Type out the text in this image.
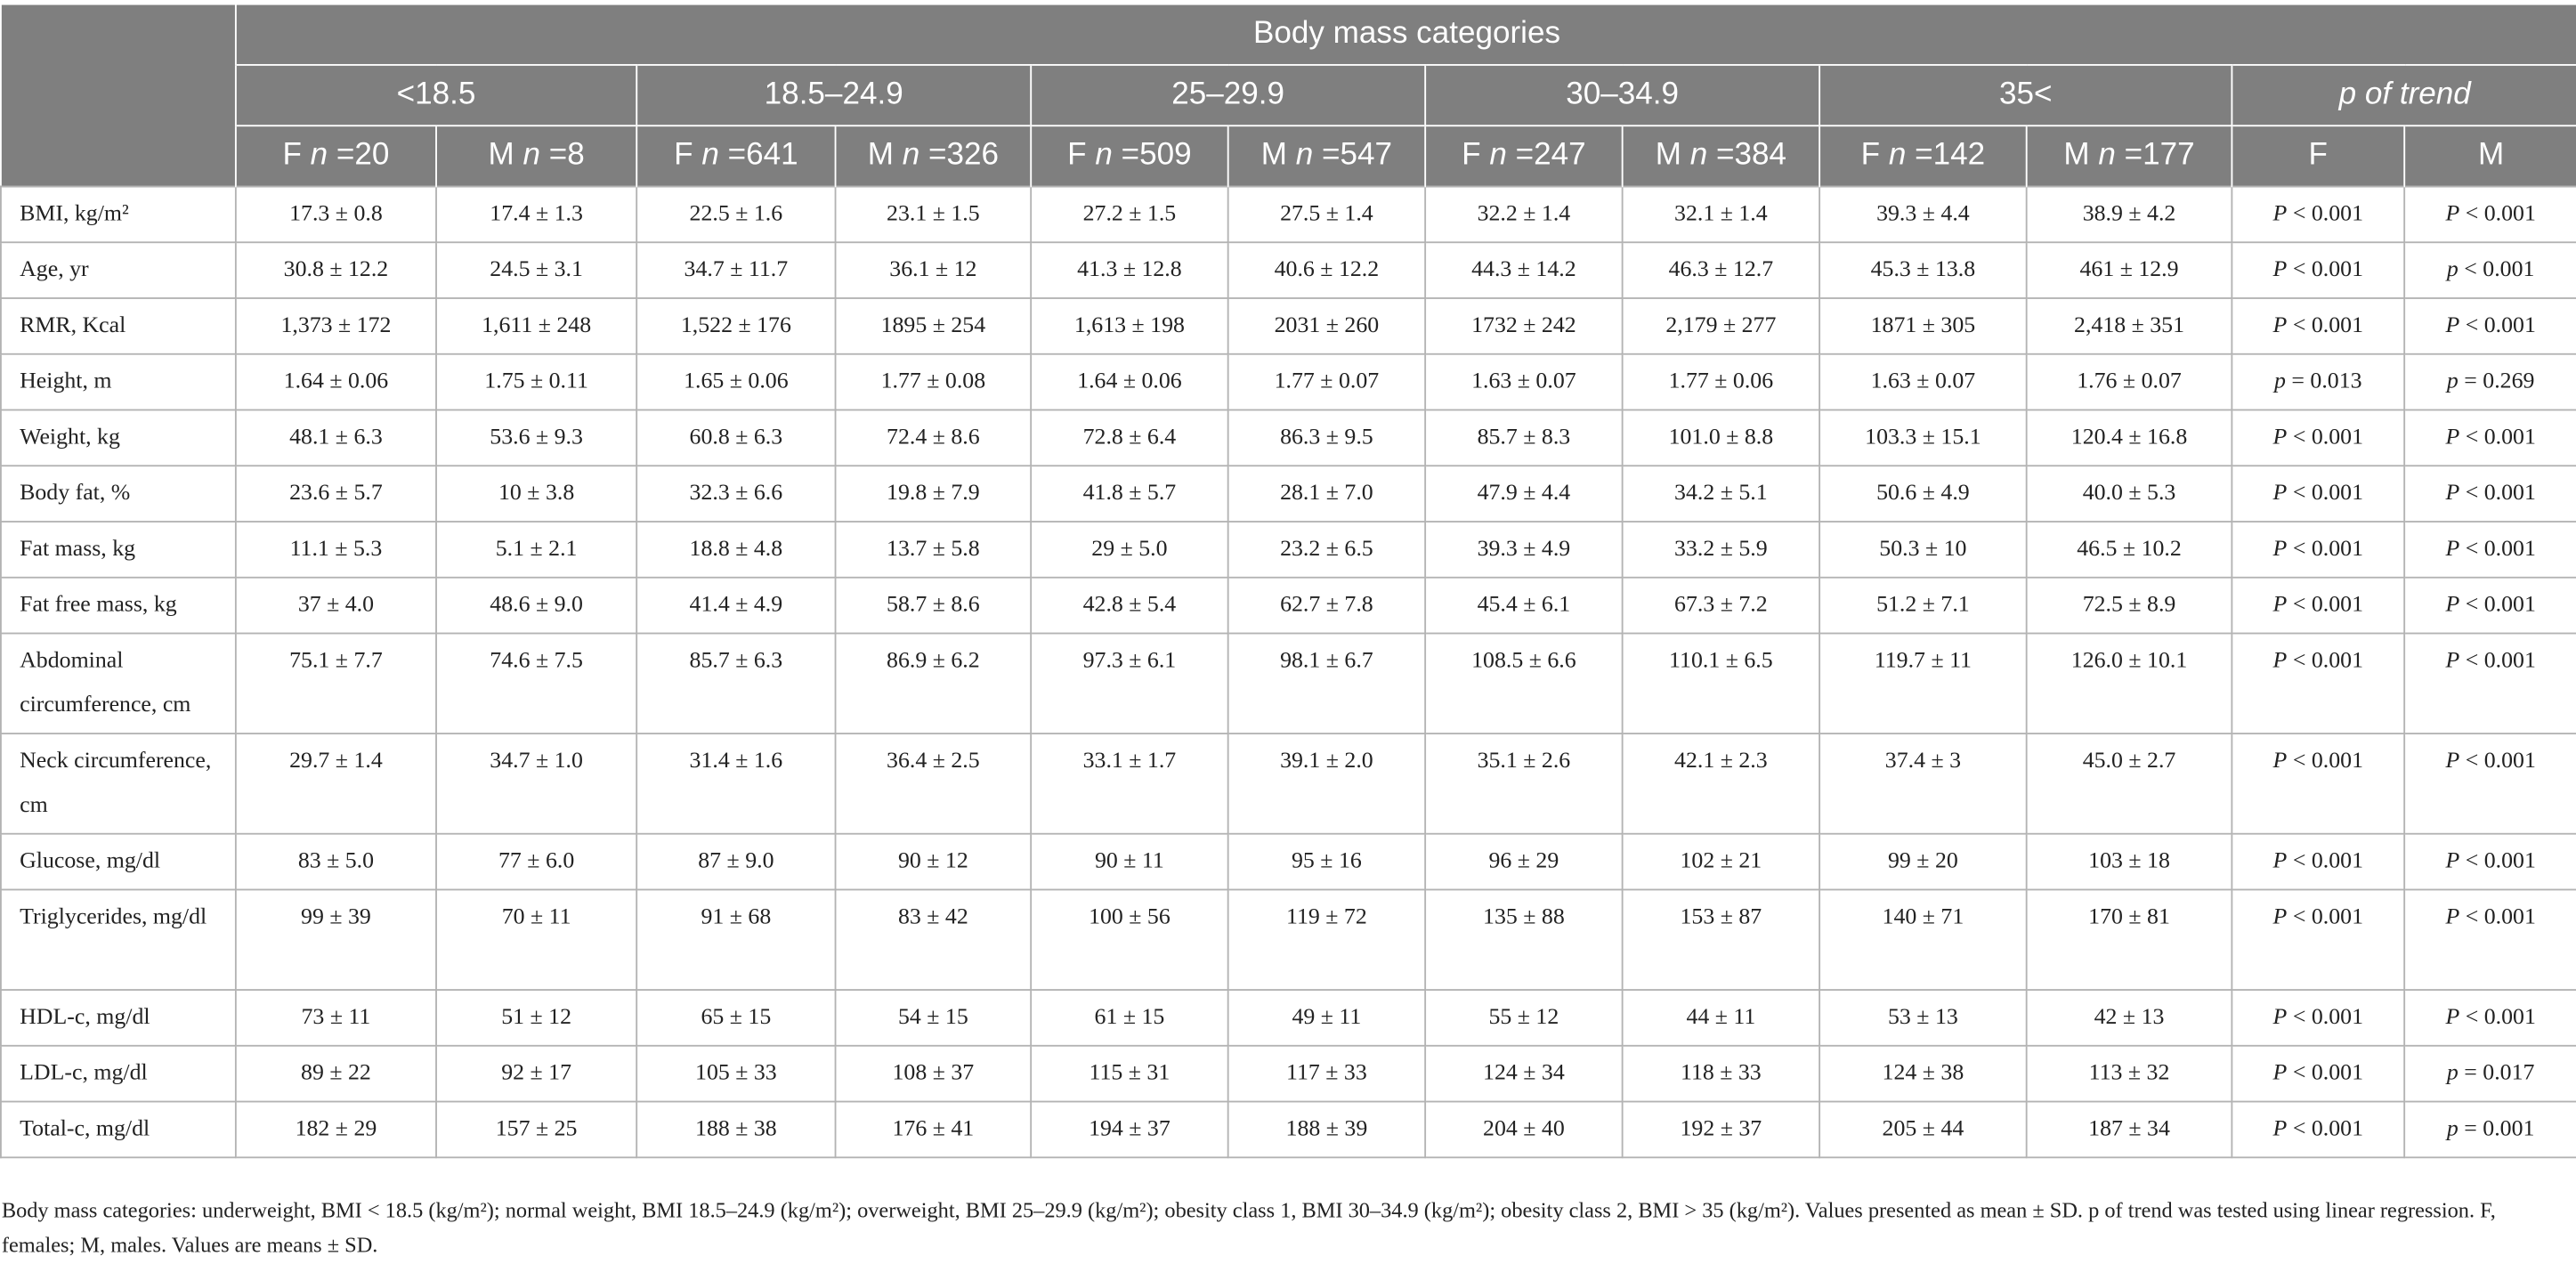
	Body mass categories											
	<18.5		18.5–24.9		25–29.9		30–34.9		35<		p of trend	
	F n =20	M n =8	F n =641	M n =326	F n =509	M n =547	F n =247	M n =384	F n =142	M n =177	F	M
BMI, kg/m²	17.3 ± 0.8	17.4 ± 1.3	22.5 ± 1.6	23.1 ± 1.5	27.2 ± 1.5	27.5 ± 1.4	32.2 ± 1.4	32.1 ± 1.4	39.3 ± 4.4	38.9 ± 4.2	P < 0.001	P < 0.001
Age, yr	30.8 ± 12.2	24.5 ± 3.1	34.7 ± 11.7	36.1 ± 12	41.3 ± 12.8	40.6 ± 12.2	44.3 ± 14.2	46.3 ± 12.7	45.3 ± 13.8	461 ± 12.9	P < 0.001	p < 0.001
RMR, Kcal	1,373 ± 172	1,611 ± 248	1,522 ± 176	1895 ± 254	1,613 ± 198	2031 ± 260	1732 ± 242	2,179 ± 277	1871 ± 305	2,418 ± 351	P < 0.001	P < 0.001
Height, m	1.64 ± 0.06	1.75 ± 0.11	1.65 ± 0.06	1.77 ± 0.08	1.64 ± 0.06	1.77 ± 0.07	1.63 ± 0.07	1.77 ± 0.06	1.63 ± 0.07	1.76 ± 0.07	p = 0.013	p = 0.269
Weight, kg	48.1 ± 6.3	53.6 ± 9.3	60.8 ± 6.3	72.4 ± 8.6	72.8 ± 6.4	86.3 ± 9.5	85.7 ± 8.3	101.0 ± 8.8	103.3 ± 15.1	120.4 ± 16.8	P < 0.001	P < 0.001
Body fat, %	23.6 ± 5.7	10 ± 3.8	32.3 ± 6.6	19.8 ± 7.9	41.8 ± 5.7	28.1 ± 7.0	47.9 ± 4.4	34.2 ± 5.1	50.6 ± 4.9	40.0 ± 5.3	P < 0.001	P < 0.001
Fat mass, kg	11.1 ± 5.3	5.1 ± 2.1	18.8 ± 4.8	13.7 ± 5.8	29 ± 5.0	23.2 ± 6.5	39.3 ± 4.9	33.2 ± 5.9	50.3 ± 10	46.5 ± 10.2	P < 0.001	P < 0.001
Fat free mass, kg	37 ± 4.0	48.6 ± 9.0	41.4 ± 4.9	58.7 ± 8.6	42.8 ± 5.4	62.7 ± 7.8	45.4 ± 6.1	67.3 ± 7.2	51.2 ± 7.1	72.5 ± 8.9	P < 0.001	P < 0.001
Abdominal circumference, cm	75.1 ± 7.7	74.6 ± 7.5	85.7 ± 6.3	86.9 ± 6.2	97.3 ± 6.1	98.1 ± 6.7	108.5 ± 6.6	110.1 ± 6.5	119.7 ± 11	126.0 ± 10.1	P < 0.001	P < 0.001
Neck circumference, cm	29.7 ± 1.4	34.7 ± 1.0	31.4 ± 1.6	36.4 ± 2.5	33.1 ± 1.7	39.1 ± 2.0	35.1 ± 2.6	42.1 ± 2.3	37.4 ± 3	45.0 ± 2.7	P < 0.001	P < 0.001
Glucose, mg/dl	83 ± 5.0	77 ± 6.0	87 ± 9.0	90 ± 12	90 ± 11	95 ± 16	96 ± 29	102 ± 21	99 ± 20	103 ± 18	P < 0.001	P < 0.001
Triglycerides, mg/dl	99 ± 39	70 ± 11	91 ± 68	83 ± 42	100 ± 56	119 ± 72	135 ± 88	153 ± 87	140 ± 71	170 ± 81	P < 0.001	P < 0.001
HDL-c, mg/dl	73 ± 11	51 ± 12	65 ± 15	54 ± 15	61 ± 15	49 ± 11	55 ± 12	44 ± 11	53 ± 13	42 ± 13	P < 0.001	P < 0.001
LDL-c, mg/dl	89 ± 22	92 ± 17	105 ± 33	108 ± 37	115 ± 31	117 ± 33	124 ± 34	118 ± 33	124 ± 38	113 ± 32	P < 0.001	p = 0.017
Total-c, mg/dl	182 ± 29	157 ± 25	188 ± 38	176 ± 41	194 ± 37	188 ± 39	204 ± 40	192 ± 37	205 ± 44	187 ± 34	P < 0.001	p = 0.001
Body mass categories: underweight, BMI < 18.5 (kg/m²); normal weight, BMI 18.5–24.9 (kg/m²); overweight, BMI 25–29.9 (kg/m²); obesity class 1, BMI 30–34.9 (kg/m²); obesity class 2, BMI > 35 (kg/m²). Values presented as mean ± SD. p of trend was tested using linear regression. F, females; M, males. Values are means ± SD.
